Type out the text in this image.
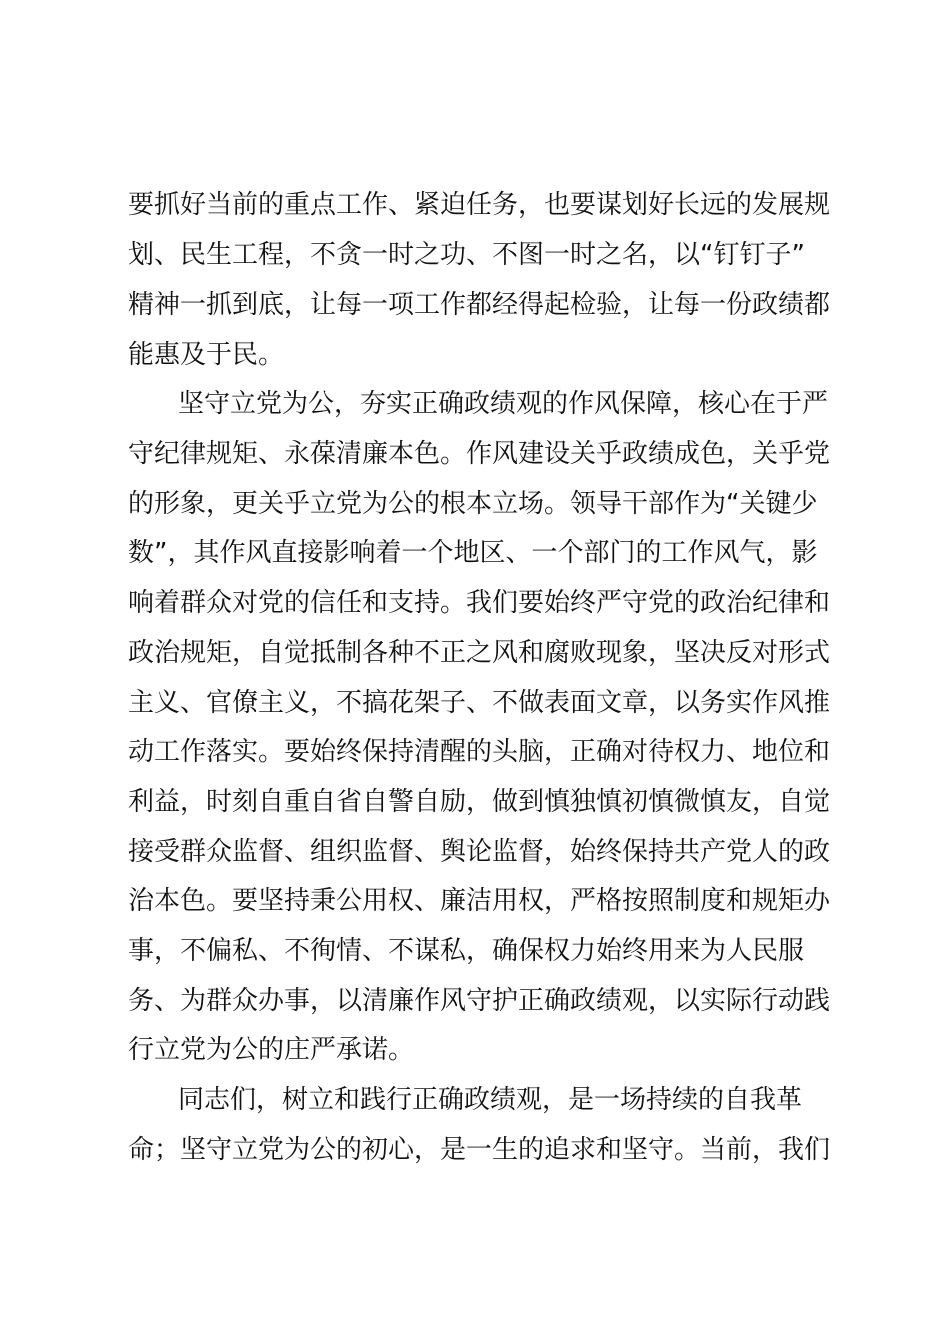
要抓好当前的重点工作、紧迫任务，也要谋划好长远的发展规
划、民生工程，不贪一时之功、不图一时之名，以“钉钉子”
精神一抓到底，让每一项工作都经得起检验，让每一份政绩都
能惠及于民。
坚守立党为公，夯实正确政绩观的作风保障，核心在于严
守纪律规矩、永葆清廉本色。作风建设关乎政绩成色，关乎党
的形象，更关乎立党为公的根本立场。领导干部作为“关键少
数”，其作风直接影响着一个地区、一个部门的工作风气，影
响着群众对党的信任和支持。我们要始终严守党的政治纪律和
政治规矩，自觉抵制各种不正之风和腐败现象，坚决反对形式
主义、官僚主义，不搞花架子、不做表面文章，以务实作风推
动工作落实。要始终保持清醒的头脑，正确对待权力、地位和
利益，时刻自重自省自警自励，做到慎独慎初慎微慎友，自觉
接受群众监督、组织监督、舆论监督，始终保持共产党人的政
治本色。要坚持秉公用权、廉洁用权，严格按照制度和规矩办
事，不偏私、不徇情、不谋私，确保权力始终用来为人民服
务、为群众办事，以清廉作风守护正确政绩观，以实际行动践
行立党为公的庄严承诺。
同志们，树立和践行正确政绩观，是一场持续的自我革
命；坚守立党为公的初心，是一生的追求和坚守。当前，我们
